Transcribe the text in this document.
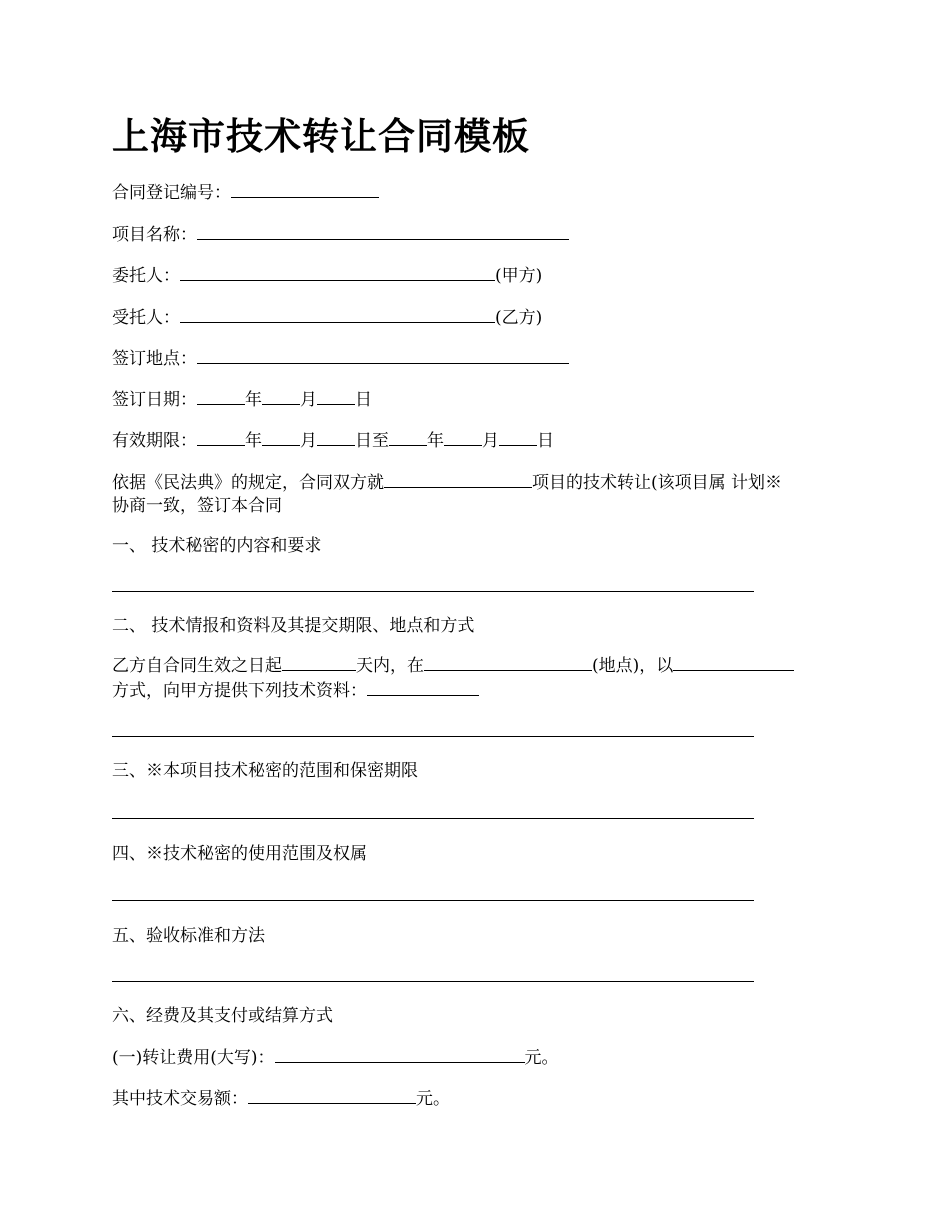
上海市技术转让合同模板
合同登记编号：
项目名称：
委托人：	(甲方)
受托人：	(乙方)
签订地点：
签订日期：	年 月 日
有效期限：	年 月 日至 年 月 日
依据《民法典》的规定，合同双方就	项目的技术转让(该项目属 计划※
协商一致，签订本合同
一、 技术秘密的内容和要求
二、 技术情报和资料及其提交期限、地点和方式
乙方自合同生效之日起	天内，在	(地点)，以
方式，向甲方提供下列技术资料：
三、※本项目技术秘密的范围和保密期限
四、※技术秘密的使用范围及权属
五、验收标准和方法
六、经费及其支付或结算方式
(一)转让费用(大写)：	元。
其中技术交易额：	元。
